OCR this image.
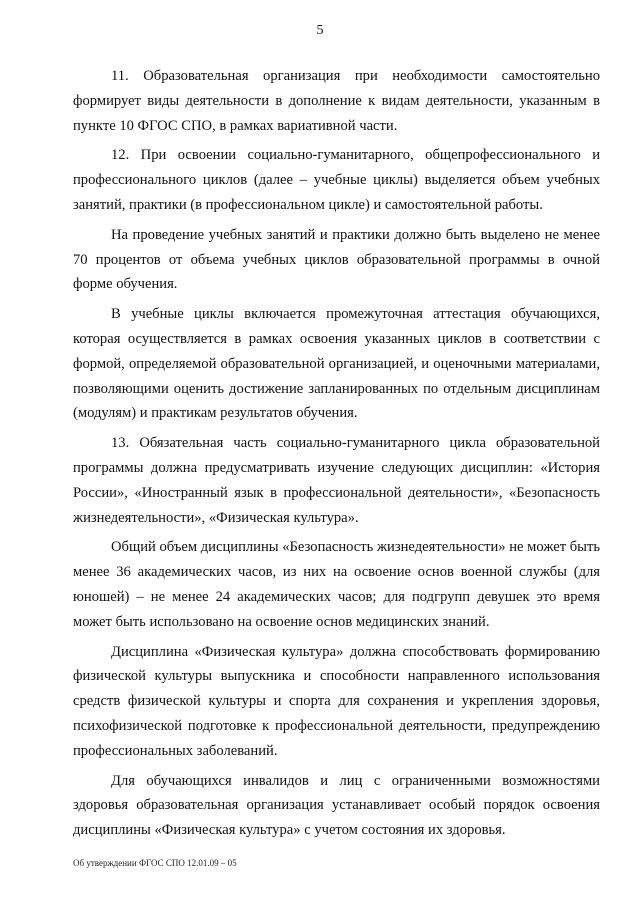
5

11. Образовательная организация при необходимости самостоятельно формирует виды деятельности в дополнение к видам деятельности, указанным в пункте 10 ФГОС СПО, в рамках вариативной части.

12. При освоении социально-гуманитарного, общепрофессионального и профессионального циклов (далее – учебные циклы) выделяется объем учебных занятий, практики (в профессиональном цикле) и самостоятельной работы.

На проведение учебных занятий и практики должно быть выделено не менее 70 процентов от объема учебных циклов образовательной программы в очной форме обучения.

В учебные циклы включается промежуточная аттестация обучающихся, которая осуществляется в рамках освоения указанных циклов в соответствии с формой, определяемой образовательной организацией, и оценочными материалами, позволяющими оценить достижение запланированных по отдельным дисциплинам (модулям) и практикам результатов обучения.

13. Обязательная часть социально-гуманитарного цикла образовательной программы должна предусматривать изучение следующих дисциплин: «История России», «Иностранный язык в профессиональной деятельности», «Безопасность жизнедеятельности», «Физическая культура».

Общий объем дисциплины «Безопасность жизнедеятельности» не может быть менее 36 академических часов, из них на освоение основ военной службы (для юношей) – не менее 24 академических часов; для подгрупп девушек это время может быть использовано на освоение основ медицинских знаний.

Дисциплина «Физическая культура» должна способствовать формированию физической культуры выпускника и способности направленного использования средств физической культуры и спорта для сохранения и укрепления здоровья, психофизической подготовке к профессиональной деятельности, предупреждению профессиональных заболеваний.

Для обучающихся инвалидов и лиц с ограниченными возможностями здоровья образовательная организация устанавливает особый порядок освоения дисциплины «Физическая культура» с учетом состояния их здоровья.

Об утверждении ФГОС СПО 12.01.09 – 05
